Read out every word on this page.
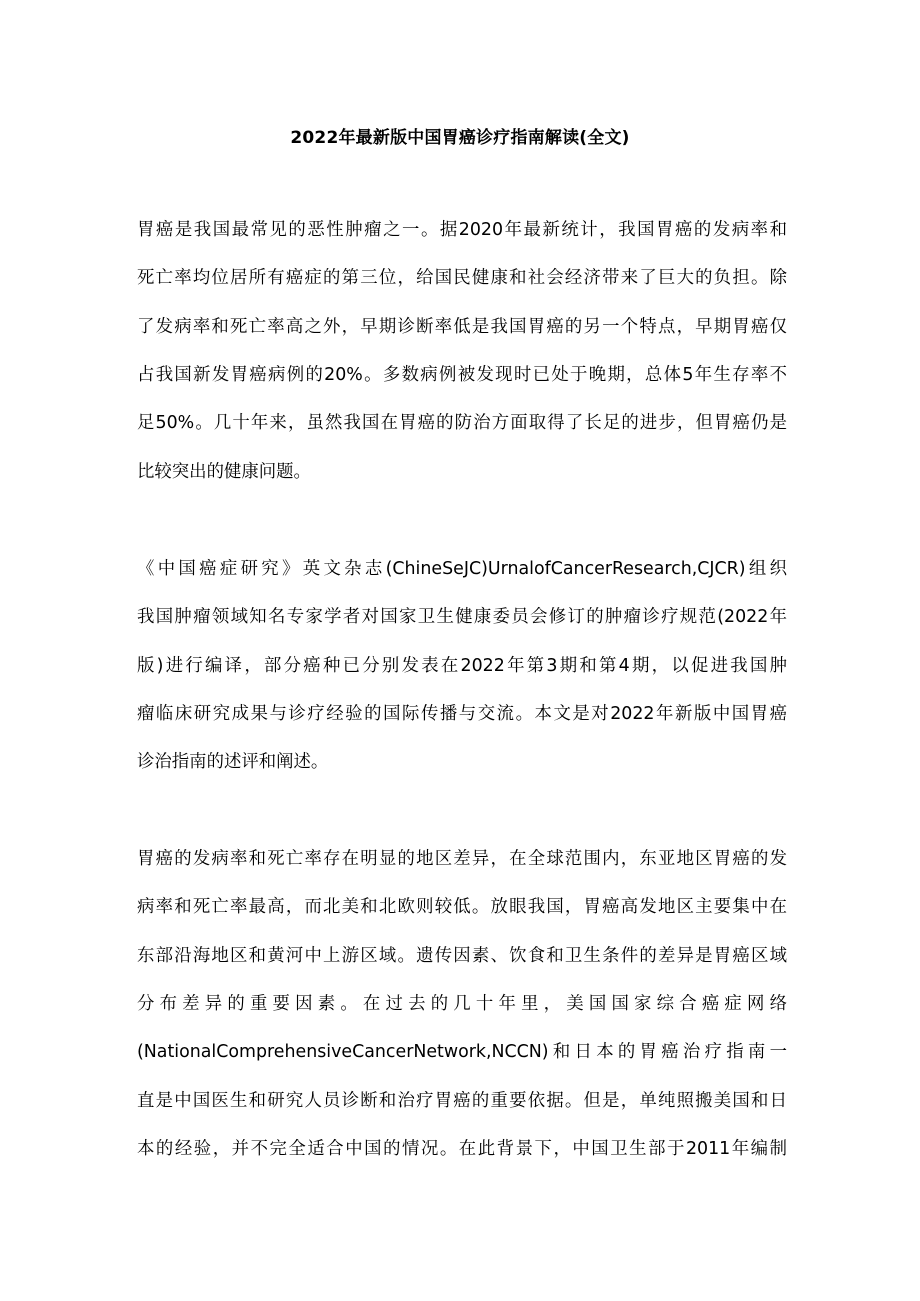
2022年最新版中国胃癌诊疗指南解读(全文)
胃癌是我国最常见的恶性肿瘤之一。据2020年最新统计，我国胃癌的发病率和
死亡率均位居所有癌症的第三位，给国民健康和社会经济带来了巨大的负担。除
了发病率和死亡率高之外，早期诊断率低是我国胃癌的另一个特点，早期胃癌仅
占我国新发胃癌病例的20%。多数病例被发现时已处于晚期，总体5年生存率不
足50%。几十年来，虽然我国在胃癌的防治方面取得了长足的进步，但胃癌仍是
比较突出的健康问题。
《中国癌症研究》英文杂志(ChineSeJC)UrnalofCancerResearch,CJCR)组织
我国肿瘤领域知名专家学者对国家卫生健康委员会修订的肿瘤诊疗规范(2022年
版)进行编译，部分癌种已分别发表在2022年第3期和第4期，以促进我国肿
瘤临床研究成果与诊疗经验的国际传播与交流。本文是对2022年新版中国胃癌
诊治指南的述评和阐述。
胃癌的发病率和死亡率存在明显的地区差异，在全球范围内，东亚地区胃癌的发
病率和死亡率最高，而北美和北欧则较低。放眼我国，胃癌高发地区主要集中在
东部沿海地区和黄河中上游区域。遗传因素、饮食和卫生条件的差异是胃癌区域
分布差异的重要因素。在过去的几十年里，美国国家综合癌症网络
(NationalComprehensiveCancerNetwork,NCCN)和日本的胃癌治疗指南一
直是中国医生和研究人员诊断和治疗胃癌的重要依据。但是，单纯照搬美国和日
本的经验，并不完全适合中国的情况。在此背景下，中国卫生部于2011年编制
